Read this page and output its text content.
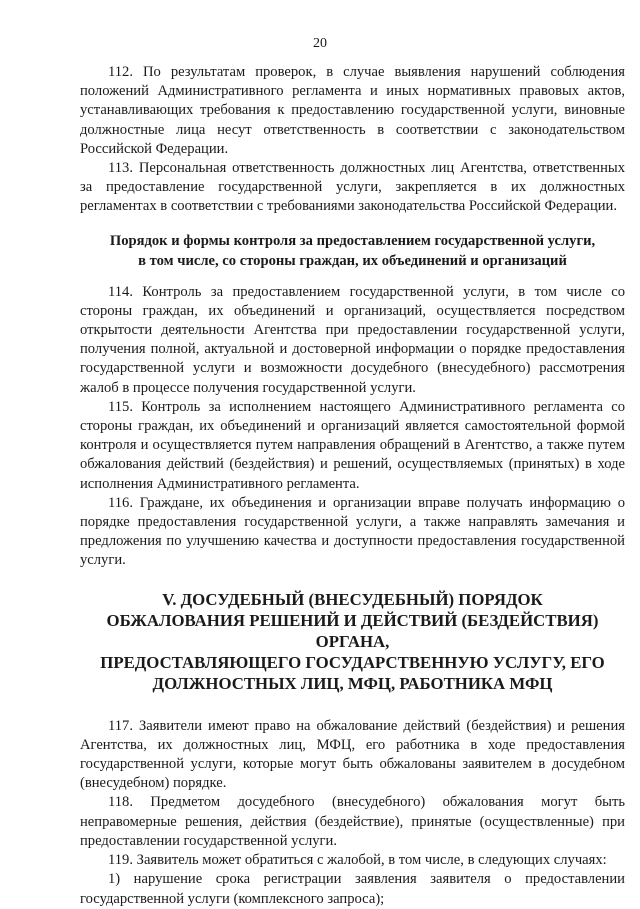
20

112. По результатам проверок, в случае выявления нарушений соблюдения положений Административного регламента и иных нормативных правовых актов, устанавливающих требования к предоставлению государственной услуги, виновные должностные лица несут ответственность в соответствии с законодательством Российской Федерации.

113. Персональная ответственность должностных лиц Агентства, ответственных за предоставление государственной услуги, закрепляется в их должностных регламентах в соответствии с требованиями законодательства Российской Федерации.

Порядок и формы контроля за предоставлением государственной услуги,
в том числе, со стороны граждан, их объединений и организаций

114. Контроль за предоставлением государственной услуги, в том числе со стороны граждан, их объединений и организаций, осуществляется посредством открытости деятельности Агентства при предоставлении государственной услуги, получения полной, актуальной и достоверной информации о порядке предоставления государственной услуги и возможности досудебного (внесудебного) рассмотрения жалоб в процессе получения государственной услуги.

115. Контроль за исполнением настоящего Административного регламента со стороны граждан, их объединений и организаций является самостоятельной формой контроля и осуществляется путем направления обращений в Агентство, а также путем обжалования действий (бездействия) и решений, осуществляемых (принятых) в ходе исполнения Административного регламента.

116. Граждане, их объединения и организации вправе получать информацию о порядке предоставления государственной услуги, а также направлять замечания и предложения по улучшению качества и доступности предоставления государственной услуги.

V. ДОСУДЕБНЫЙ (ВНЕСУДЕБНЫЙ) ПОРЯДОК
ОБЖАЛОВАНИЯ РЕШЕНИЙ И ДЕЙСТВИЙ (БЕЗДЕЙСТВИЯ) ОРГАНА,
ПРЕДОСТАВЛЯЮЩЕГО ГОСУДАРСТВЕННУЮ УСЛУГУ, ЕГО
ДОЛЖНОСТНЫХ ЛИЦ, МФЦ, РАБОТНИКА МФЦ

117. Заявители имеют право на обжалование действий (бездействия) и решения Агентства, их должностных лиц, МФЦ, его работника в ходе предоставления государственной услуги, которые могут быть обжалованы заявителем в досудебном (внесудебном) порядке.

118. Предметом досудебного (внесудебного) обжалования могут быть неправомерные решения, действия (бездействие), принятые (осуществленные) при предоставлении государственной услуги.

119. Заявитель может обратиться с жалобой, в том числе, в следующих случаях:

1) нарушение срока регистрации заявления заявителя о предоставлении государственной услуги (комплексного запроса);
